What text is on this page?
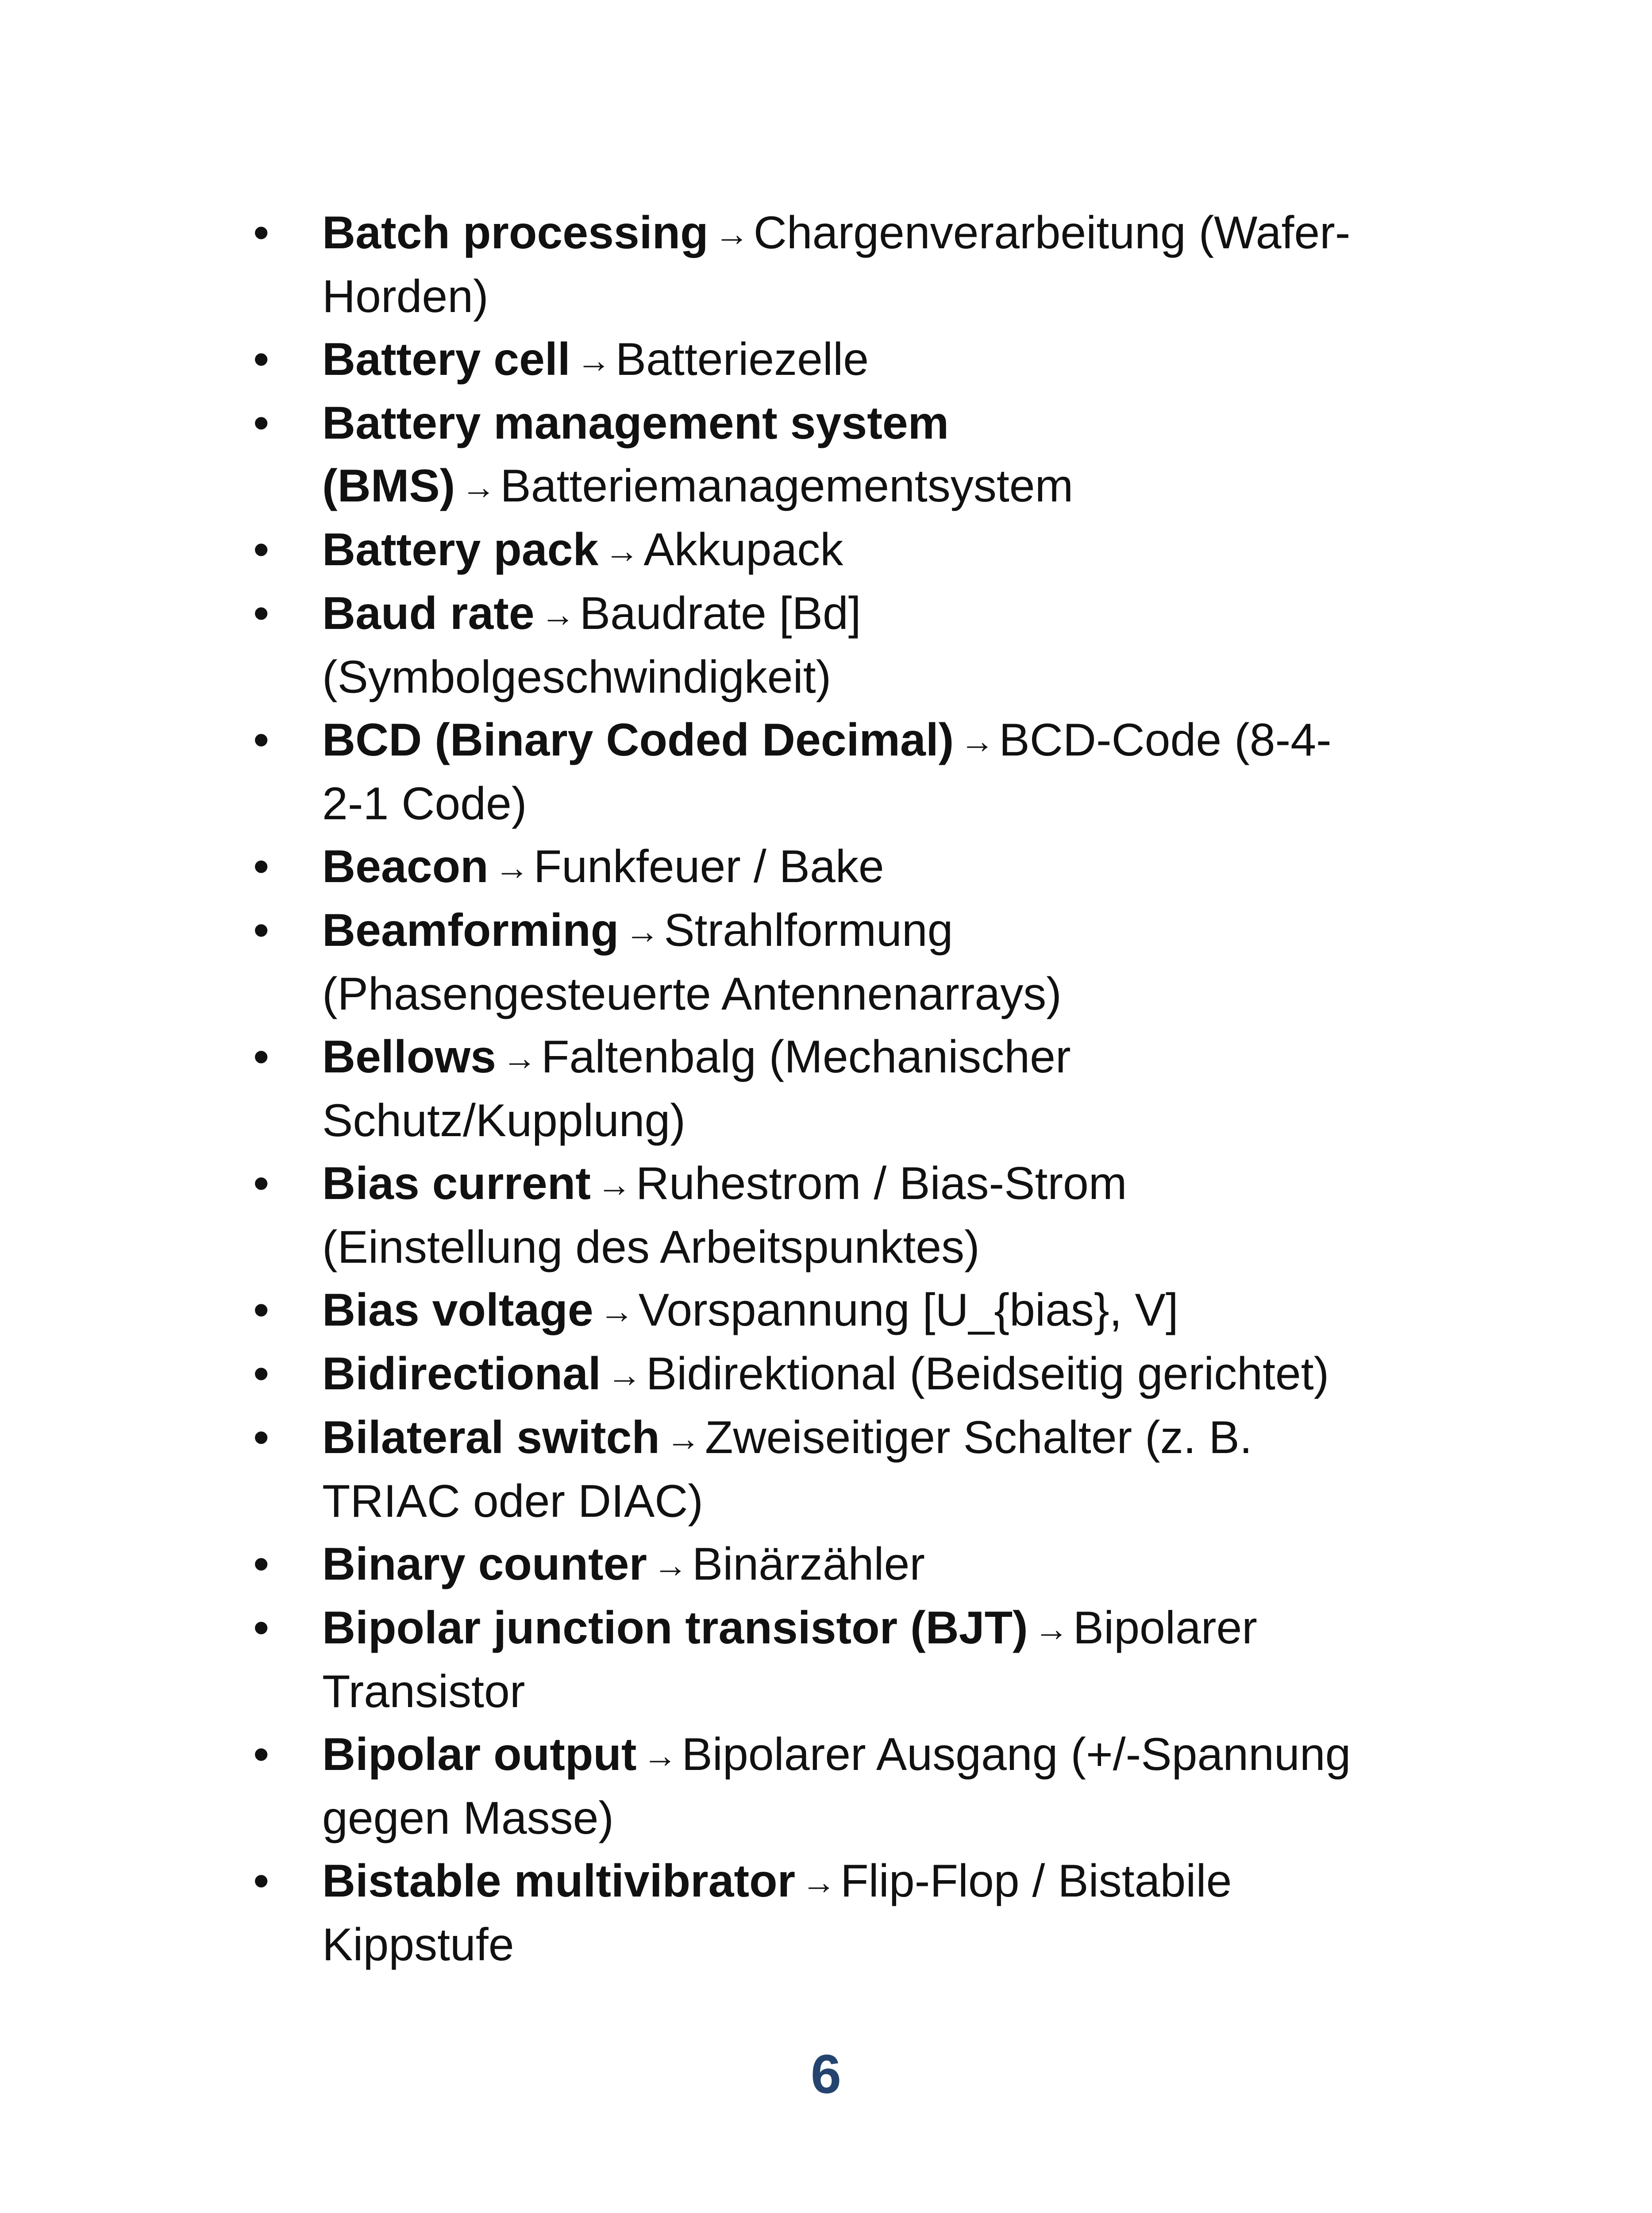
•	Batch processing →Chargenverarbeitung (Wafer-Horden)
•	Battery cell →Batteriezelle
•	Battery management system (BMS) →Batteriemanagementsystem
•	Battery pack →Akkupack
•	Baud rate →Baudrate [Bd] (Symbolgeschwindigkeit)
•	BCD (Binary Coded Decimal) →BCD-Code (8-4-2-1 Code)
•	Beacon →Funkfeuer / Bake
•	Beamforming →Strahlformung (Phasengesteuerte Antennenarrays)
•	Bellows →Faltenbalg (Mechanischer Schutz/Kupplung)
•	Bias current →Ruhestrom / Bias-Strom (Einstellung des Arbeitspunktes)
•	Bias voltage →Vorspannung [U_{bias}, V]
•	Bidirectional →Bidirektional (Beidseitig gerichtet)
•	Bilateral switch →Zweiseitiger Schalter (z. B. TRIAC oder DIAC)
•	Binary counter →Binärzähler
•	Bipolar junction transistor (BJT) →Bipolarer Transistor
•	Bipolar output →Bipolarer Ausgang (+/-Spannung gegen Masse)
•	Bistable multivibrator →Flip-Flop / Bistabile Kippstufe
6
